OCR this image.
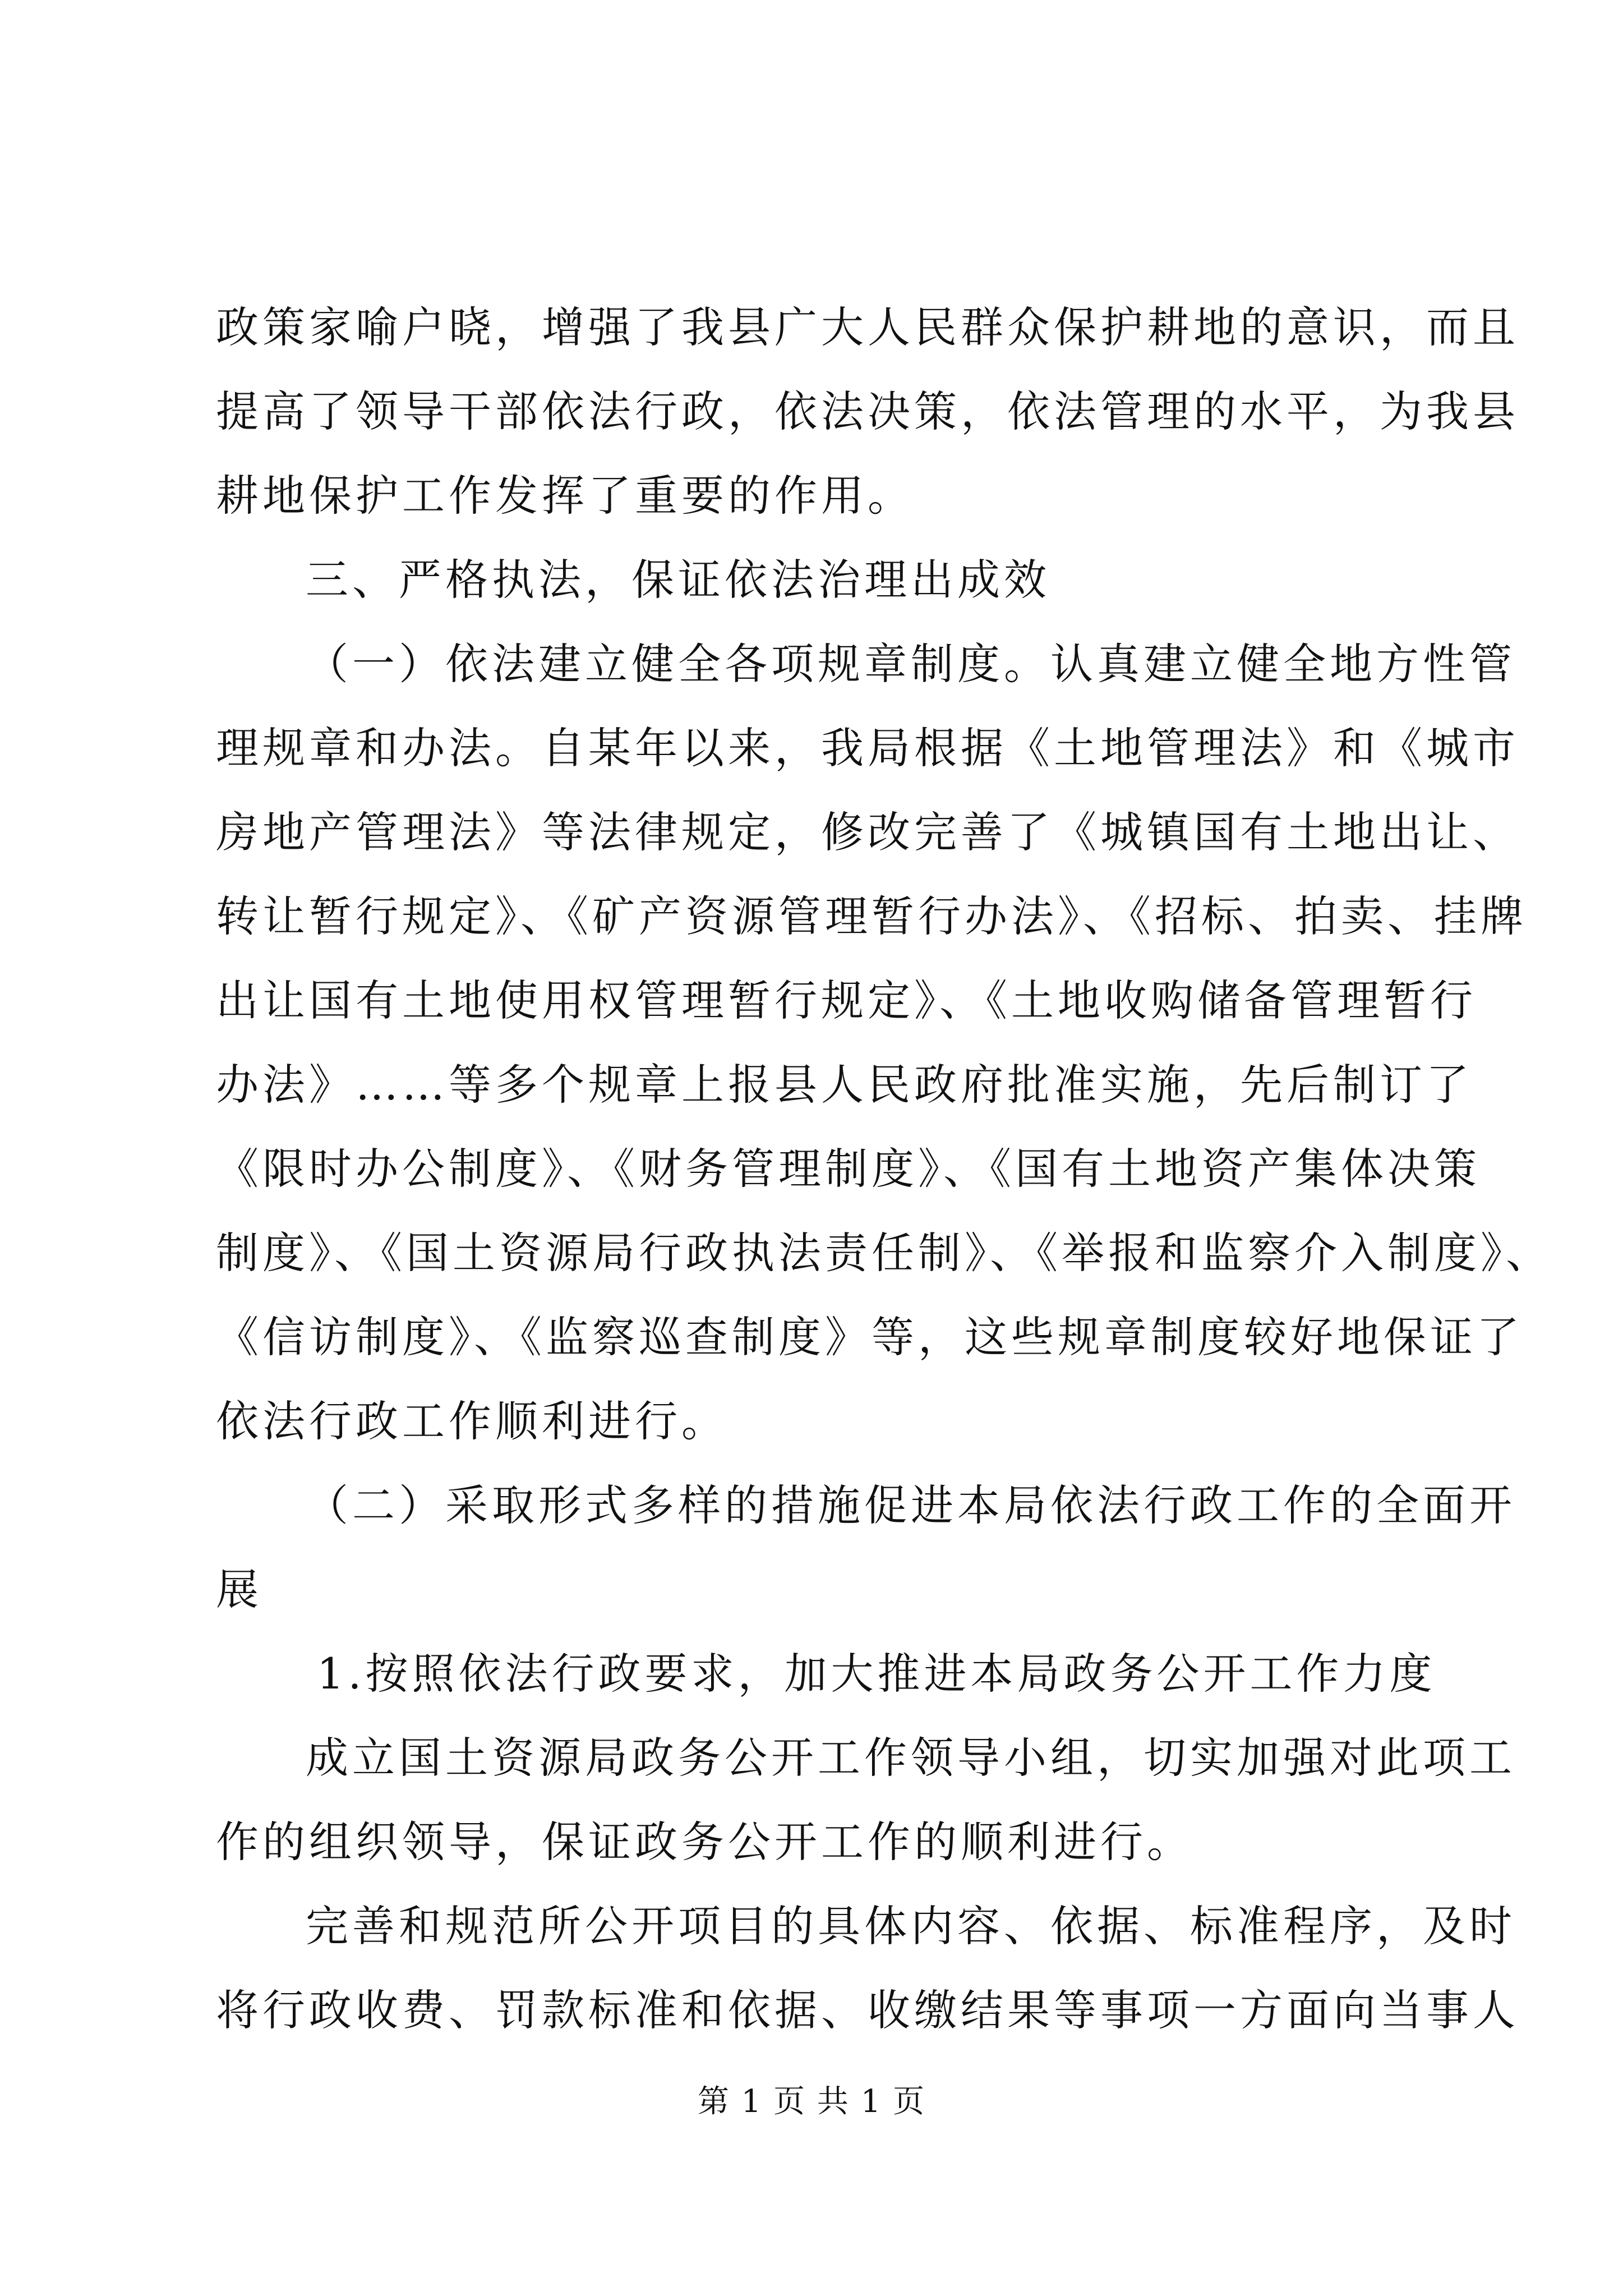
政策家喻户晓，增强了我县广大人民群众保护耕地的意识，而且
提高了领导干部依法行政，依法决策，依法管理的水平，为我县
耕地保护工作发挥了重要的作用。
三、严格执法，保证依法治理出成效
（一）依法建立健全各项规章制度。认真建立健全地方性管
理规章和办法。自某年以来，我局根据《土地管理法》和《城市
房地产管理法》等法律规定，修改完善了《城镇国有土地出让、
转让暂行规定》、《矿产资源管理暂行办法》、《招标、拍卖、挂牌
出让国有土地使用权管理暂行规定》、《土地收购储备管理暂行
办法》……等多个规章上报县人民政府批准实施，先后制订了
《限时办公制度》、《财务管理制度》、《国有土地资产集体决策
制度》、《国土资源局行政执法责任制》、《举报和监察介入制度》、
《信访制度》、《监察巡查制度》等，这些规章制度较好地保证了
依法行政工作顺利进行。
（二）采取形式多样的措施促进本局依法行政工作的全面开
展
1.按照依法行政要求，加大推进本局政务公开工作力度
成立国土资源局政务公开工作领导小组，切实加强对此项工
作的组织领导，保证政务公开工作的顺利进行。
完善和规范所公开项目的具体内容、依据、标准程序，及时
将行政收费、罚款标准和依据、收缴结果等事项一方面向当事人
第 1 页 共 1 页
